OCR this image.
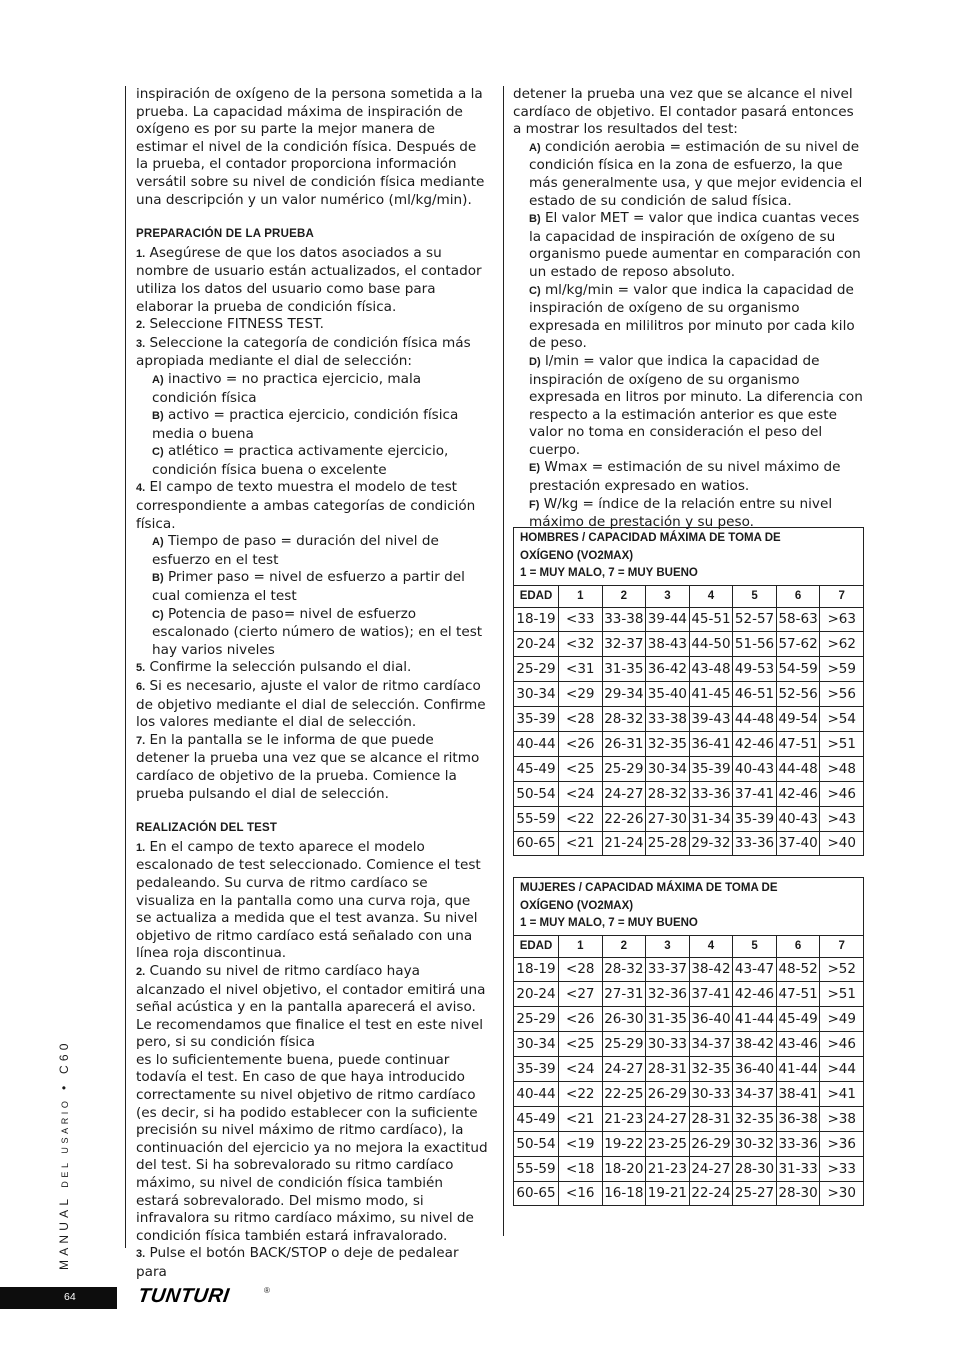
inspiración de oxígeno de la persona sometida a la prueba. La capacidad máxima de inspiración de oxígeno es por su parte la mejor manera de estimar el nivel de la condición física. Después de la prueba, el contador proporciona información versátil sobre su nivel de condición física mediante una descripción y un valor numérico (ml/kg/min).

PREPARACIÓN DE LA PRUEBA

1. Asegúrese de que los datos asociados a su nombre de usuario están actualizados, el contador utiliza los datos del usuario como base para elaborar la prueba de condición física.

2. Seleccione FITNESS TEST.

3. Seleccione la categoría de condición física más apropiada mediante el dial de selección:

A) inactivo = no practica ejercicio, mala condición física

B) activo = practica ejercicio, condición física media o buena

C) atlético = practica activamente ejercicio, condición física buena o excelente

4. El campo de texto muestra el modelo de test correspondiente a ambas categorías de condición física.

A) Tiempo de paso = duración del nivel de esfuerzo en el test

B) Primer paso = nivel de esfuerzo a partir del cual comienza el test

C) Potencia de paso= nivel de esfuerzo escalonado (cierto número de watios); en el test hay varios niveles

5. Confirme la selección pulsando el dial.

6. Si es necesario, ajuste el valor de ritmo cardíaco de objetivo mediante el dial de selección. Confirme los valores mediante el dial de selección.

7. En la pantalla se le informa de que puede detener la prueba una vez que se alcance el ritmo cardíaco de objetivo de la prueba. Comience la prueba pulsando el dial de selección.

REALIZACIÓN DEL TEST

1. En el campo de texto aparece el modelo escalonado de test seleccionado. Comience el test pedaleando. Su curva de ritmo cardíaco se visualiza en la pantalla como una curva roja, que se actualiza a medida que el test avanza. Su nivel objetivo de ritmo cardíaco está señalado con una línea roja discontinua.

2. Cuando su nivel de ritmo cardíaco haya alcanzado el nivel objetivo, el contador emitirá una señal acústica y en la pantalla aparecerá el aviso. Le recomendamos que finalice el test en este nivel pero, si su condición física

es lo suficientemente buena, puede continuar todavía el test. En caso de que haya introducido correctamente su nivel objetivo de ritmo cardíaco (es decir, si ha podido establecer con la suficiente precisión su nivel máximo de ritmo cardíaco), la continuación del ejercicio ya no mejora la exactitud del test. Si ha sobrevalorado su ritmo cardíaco máximo, su nivel de condición física también estará sobrevalorado. Del mismo modo, si infravalora su ritmo cardíaco máximo, su nivel de condición física también estará infravalorado.

3. Pulse el botón BACK/STOP o deje de pedalear para

detener la prueba una vez que se alcance el nivel cardíaco de objetivo. El contador pasará entonces a mostrar los resultados del test:

A) condición aerobia = estimación de su nivel de condición física en la zona de esfuerzo, la que más generalmente usa, y que mejor evidencia el estado de su condición de salud física.

B) El valor MET = valor que indica cuantas veces la capacidad de inspiración de oxígeno de su organismo puede aumentar en comparación con un estado de reposo absoluto.

C) ml/kg/min = valor que indica la capacidad de inspiración de oxígeno de su organismo expresada en mililitros por minuto por cada kilo de peso.

D) l/min = valor que indica la capacidad de inspiración de oxígeno de su organismo expresada en litros por minuto. La diferencia con respecto a la estimación anterior es que este valor no toma en consideración el peso del cuerpo.

E) Wmax = estimación de su nivel máximo de prestación expresado en watios.

F) W/kg = índice de la relación entre su nivel máximo de prestación y su peso.

HOMBRES / CAPACIDAD MÁXIMA DE TOMA DE
OXÍGENO (VO2MAX)
1 = MUY MALO, 7 = MUY BUENO							

EDAD	1	2	3	4	5	6	7
18-19	<33	33-38	39-44	45-51	52-57	58-63	>63
20-24	<32	32-37	38-43	44-50	51-56	57-62	>62
25-29	<31	31-35	36-42	43-48	49-53	54-59	>59
30-34	<29	29-34	35-40	41-45	46-51	52-56	>56
35-39	<28	28-32	33-38	39-43	44-48	49-54	>54
40-44	<26	26-31	32-35	36-41	42-46	47-51	>51
45-49	<25	25-29	30-34	35-39	40-43	44-48	>48
50-54	<24	24-27	28-32	33-36	37-41	42-46	>46
55-59	<22	22-26	27-30	31-34	35-39	40-43	>43
60-65	<21	21-24	25-28	29-32	33-36	37-40	>40
MUJERES / CAPACIDAD MÁXIMA DE TOMA DE
OXÍGENO (VO2MAX)
1 = MUY MALO, 7 = MUY BUENO							

EDAD	1	2	3	4	5	6	7
18-19	<28	28-32	33-37	38-42	43-47	48-52	>52
20-24	<27	27-31	32-36	37-41	42-46	47-51	>51
25-29	<26	26-30	31-35	36-40	41-44	45-49	>49
30-34	<25	25-29	30-33	34-37	38-42	43-46	>46
35-39	<24	24-27	28-31	32-35	36-40	41-44	>44
40-44	<22	22-25	26-29	30-33	34-37	38-41	>41
45-49	<21	21-23	24-27	28-31	32-35	36-38	>38
50-54	<19	19-22	23-25	26-29	30-32	33-36	>36
55-59	<18	18-20	21-23	24-27	28-30	31-33	>33
60-65	<16	16-18	19-21	22-24	25-27	28-30	>30
MANUAL DEL USARIO • C60
64	TUNTURI	®
